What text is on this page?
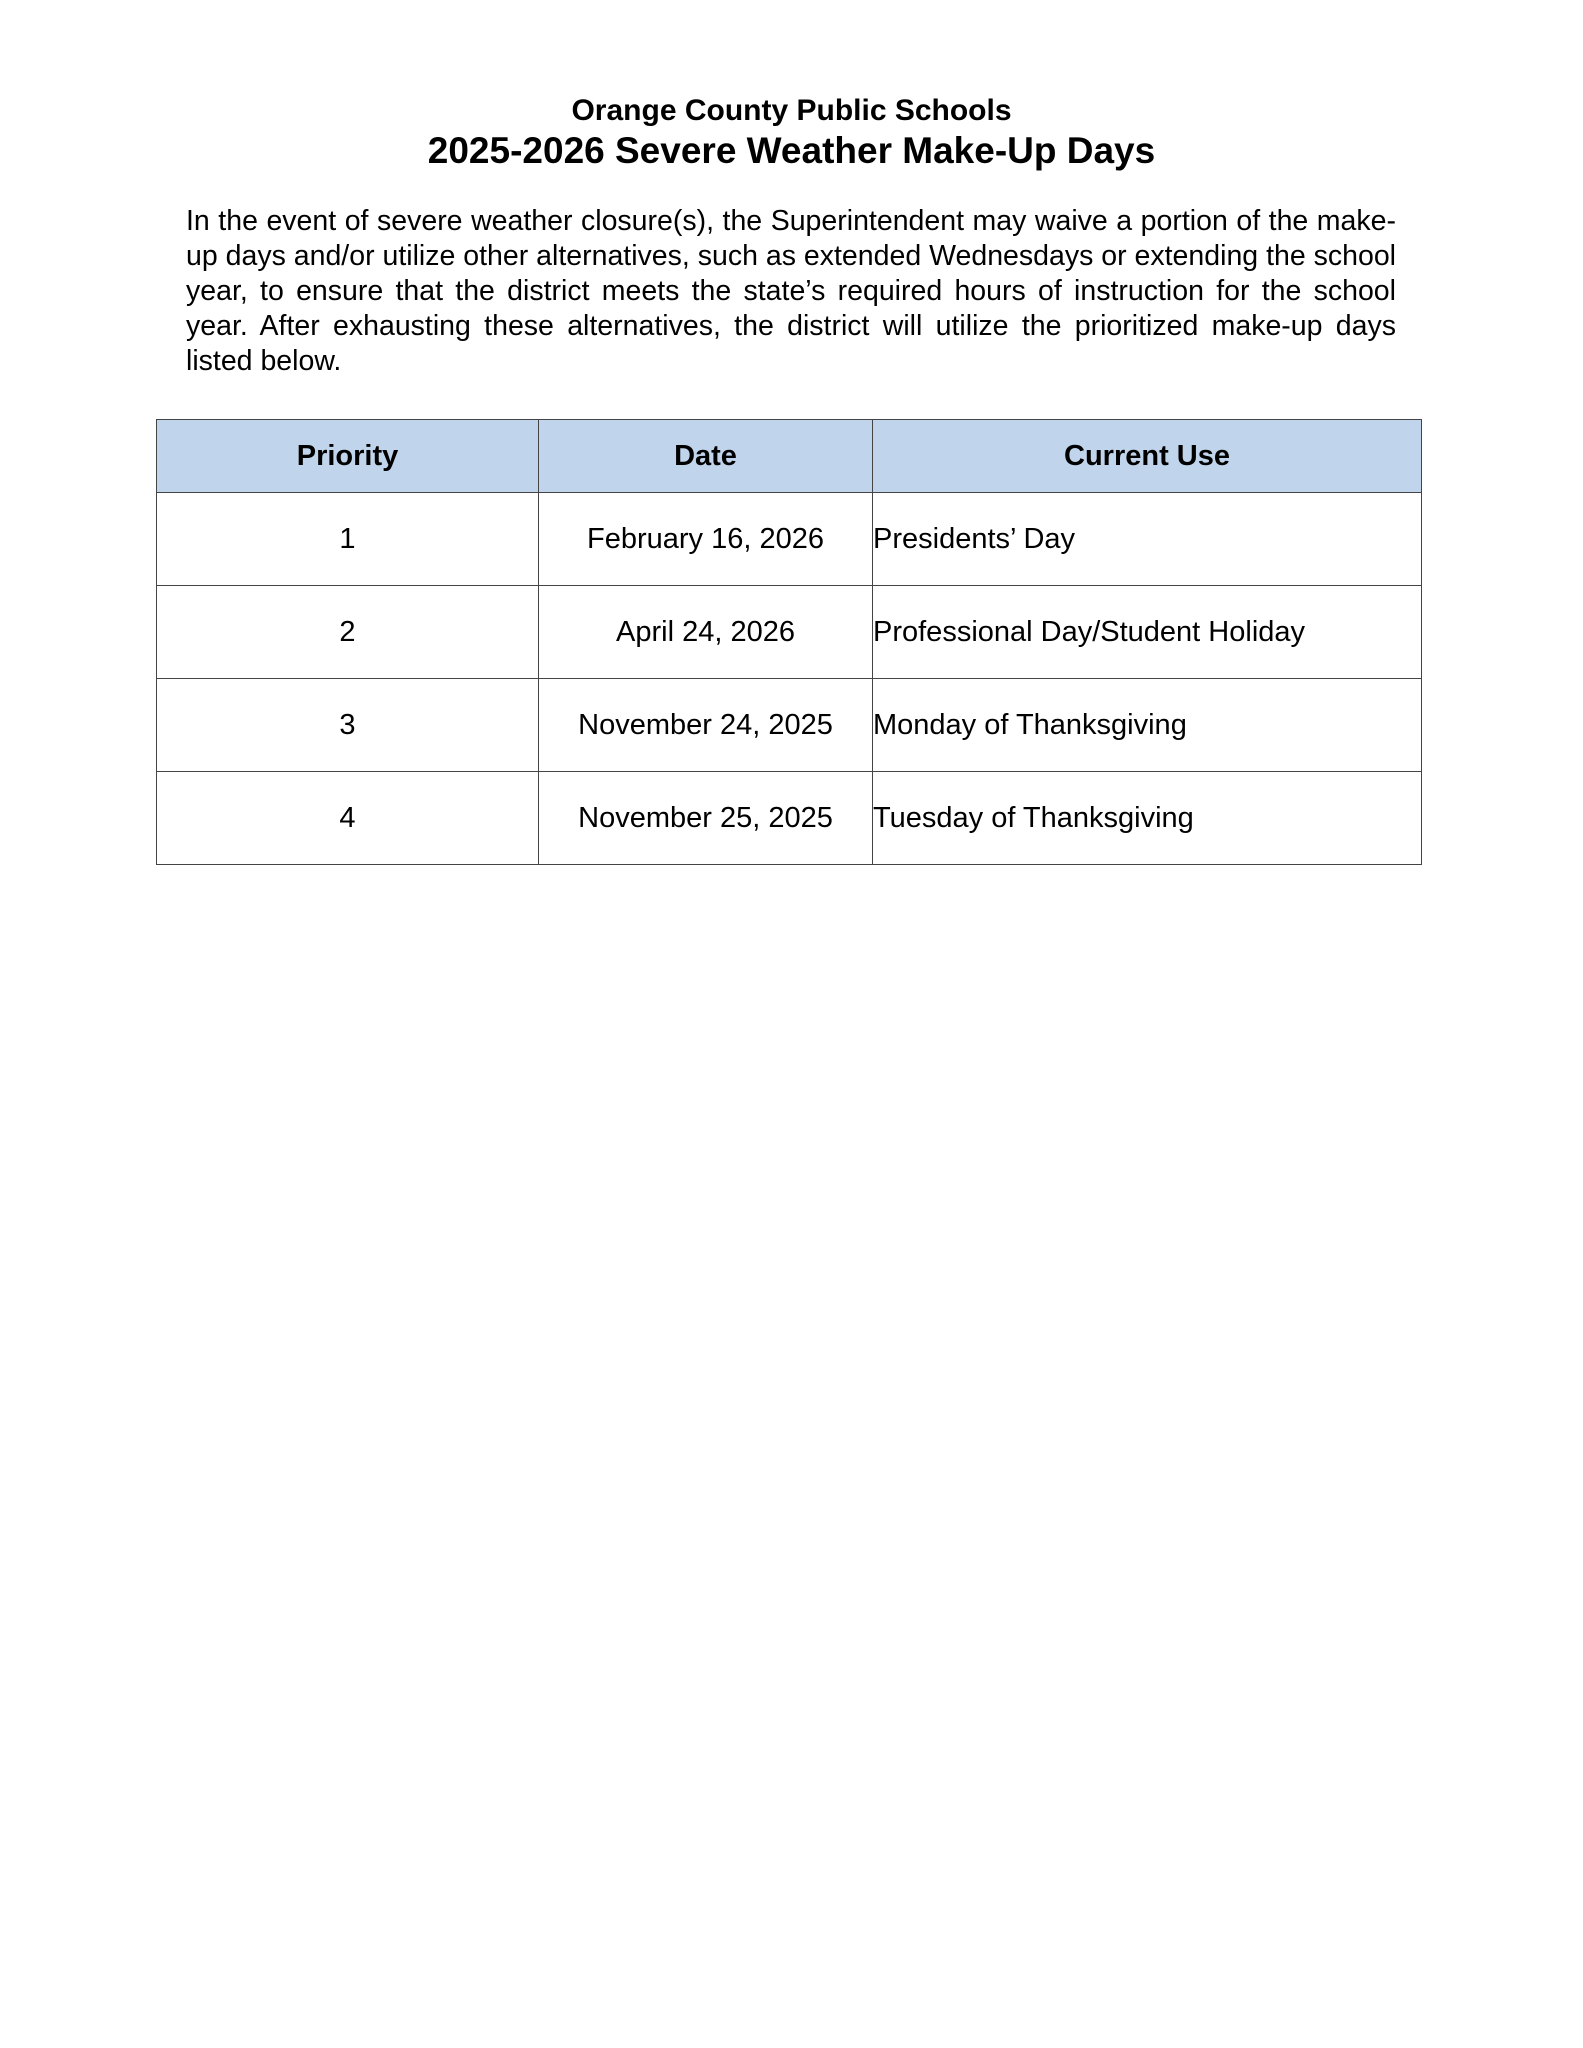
Orange County Public Schools
2025-2026 Severe Weather Make-Up Days
In the event of severe weather closure(s), the Superintendent may waive a portion of the make-up days and/or utilize other alternatives, such as extended Wednesdays or extending the school year, to ensure that the district meets the state’s required hours of instruction for the school year. After exhausting these alternatives, the district will utilize the prioritized make-up days listed below.
Priority	Date	Current Use
1	February 16, 2026	Presidents’ Day
2	April 24, 2026	Professional Day/Student Holiday
3	November 24, 2025	Monday of Thanksgiving
4	November 25, 2025	Tuesday of Thanksgiving
